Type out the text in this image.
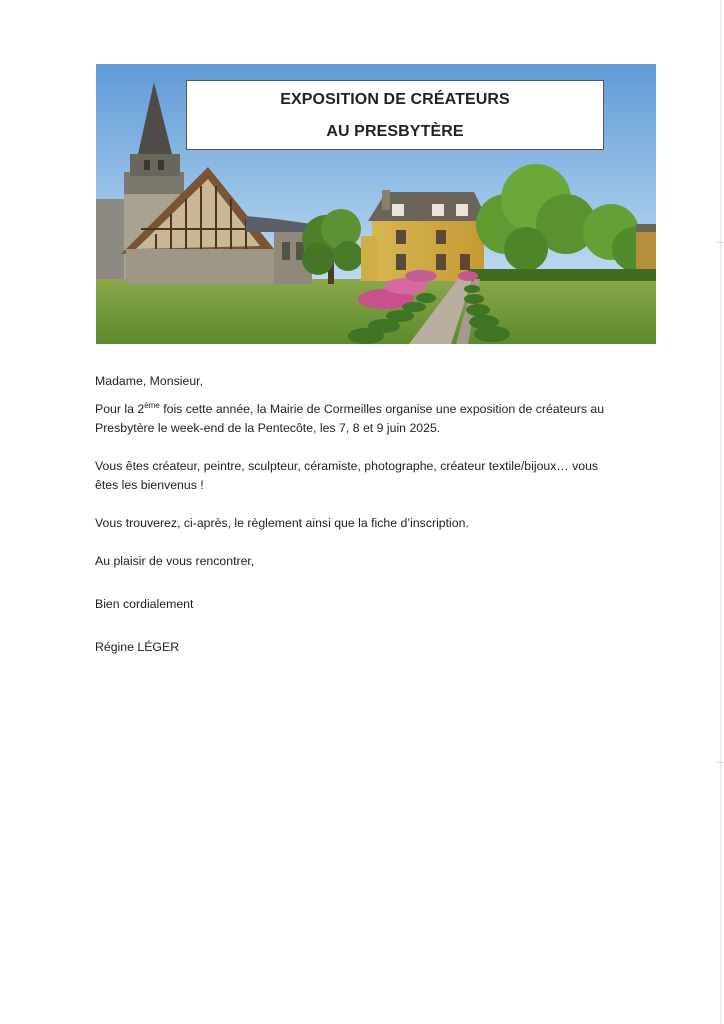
EXPOSITION DE CRÉATEURS
AU PRESBYTÈRE

Madame, Monsieur,

Pour la 2ème fois cette année, la Mairie de Cormeilles organise une exposition de créateurs au
Presbytère le week-end de la Pentecôte, les 7, 8 et 9 juin 2025.

Vous êtes créateur, peintre, sculpteur, céramiste, photographe, créateur textile/bijoux… vous
êtes les bienvenus !

Vous trouverez, ci-après, le règlement ainsi que la fiche d’inscription.

Au plaisir de vous rencontrer,

Bien cordialement

Régine LÉGER
